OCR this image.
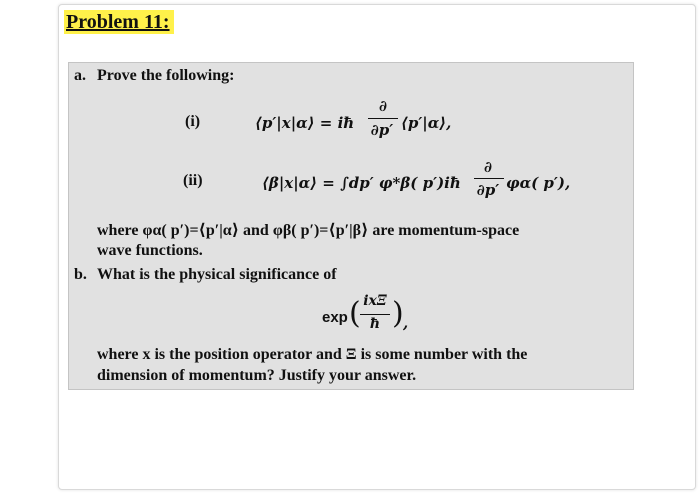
Problem 11:
a. Prove the following:
(i)	⟨p′|x|α⟩ = iħ
∂
∂p′ ⟨p′|α⟩,
(ii)	⟨β|x|α⟩ = ∫dp′ φ*β( p′)iħ
∂
∂p′ φα( p′),
where φα( p′)=⟨p′|α⟩ and φβ( p′)=⟨p′|β⟩ are momentum-space
wave functions.
b. What is the physical significance of
exp ( ixΞ
ħ ) ,
where x is the position operator and Ξ is some number with the
dimension of momentum? Justify your answer.
